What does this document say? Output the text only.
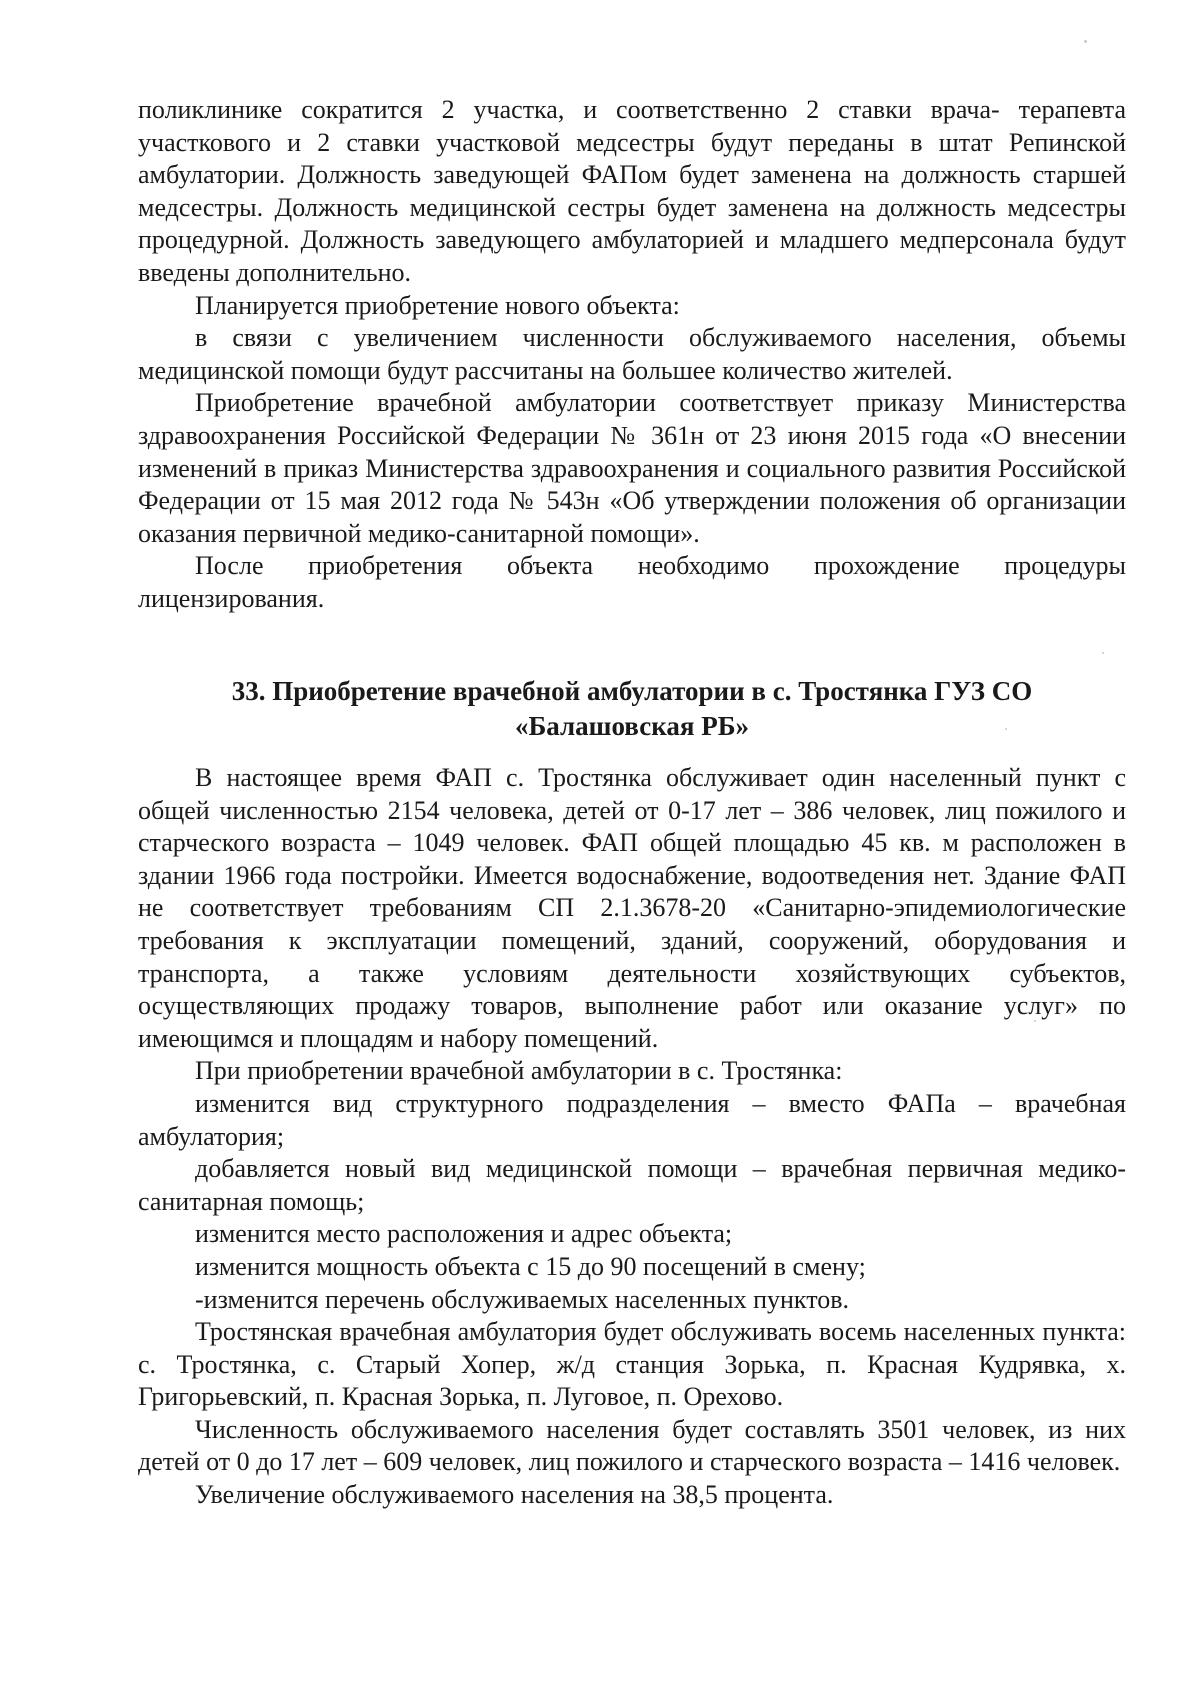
поликлинике сократится 2 участка, и соответственно 2 ставки врача- терапевта участкового и 2 ставки участковой медсестры будут переданы в штат Репинской амбулатории. Должность заведующей ФАПом будет заменена на должность старшей медсестры. Должность медицинской сестры будет заменена на должность медсестры процедурной. Должность заведующего амбулаторией и младшего медперсонала будут введены дополнительно.

Планируется приобретение нового объекта:

в связи с увеличением численности обслуживаемого населения, объемы медицинской помощи будут рассчитаны на большее количество жителей.

Приобретение врачебной амбулатории соответствует приказу Министерства здравоохранения Российской Федерации № 361н от 23 июня 2015 года «О внесении изменений в приказ Министерства здравоохранения и социального развития Российской Федерации от 15 мая 2012 года № 543н «Об утверждении положения об организации оказания первичной медико-санитарной помощи».

После приобретения объекта необходимо прохождение процедуры лицензирования.

33. Приобретение врачебной амбулатории в с. Тростянка ГУЗ СО
«Балашовская РБ»

В настоящее время ФАП с. Тростянка обслуживает один населенный пункт с общей численностью 2154 человека, детей от 0-17 лет – 386 человек, лиц пожилого и старческого возраста – 1049 человек. ФАП общей площадью 45 кв. м расположен в здании 1966 года постройки. Имеется водоснабжение, водоотведения нет. Здание ФАП не соответствует требованиям СП 2.1.3678-20 «Санитарно-эпидемиологические требования к эксплуатации помещений, зданий, сооружений, оборудования и транспорта, а также условиям деятельности хозяйствующих субъектов, осуществляющих продажу товаров, выполнение работ или оказание услуг» по имеющимся и площадям и набору помещений.

При приобретении врачебной амбулатории в с. Тростянка:

изменится вид структурного подразделения – вместо ФАПа – врачебная амбулатория;

добавляется новый вид медицинской помощи – врачебная первичная медико-санитарная помощь;

изменится место расположения и адрес объекта;

изменится мощность объекта с 15 до 90 посещений в смену;

-изменится перечень обслуживаемых населенных пунктов.

Тростянская врачебная амбулатория будет обслуживать восемь населенных пункта: с. Тростянка, с. Старый Хопер, ж/д станция Зорька, п. Красная Кудрявка, х. Григорьевский, п. Красная Зорька, п. Луговое, п. Орехово.

Численность обслуживаемого населения будет составлять 3501 человек, из них детей от 0 до 17 лет – 609 человек, лиц пожилого и старческого возраста – 1416 человек.

Увеличение обслуживаемого населения на 38,5 процента.
